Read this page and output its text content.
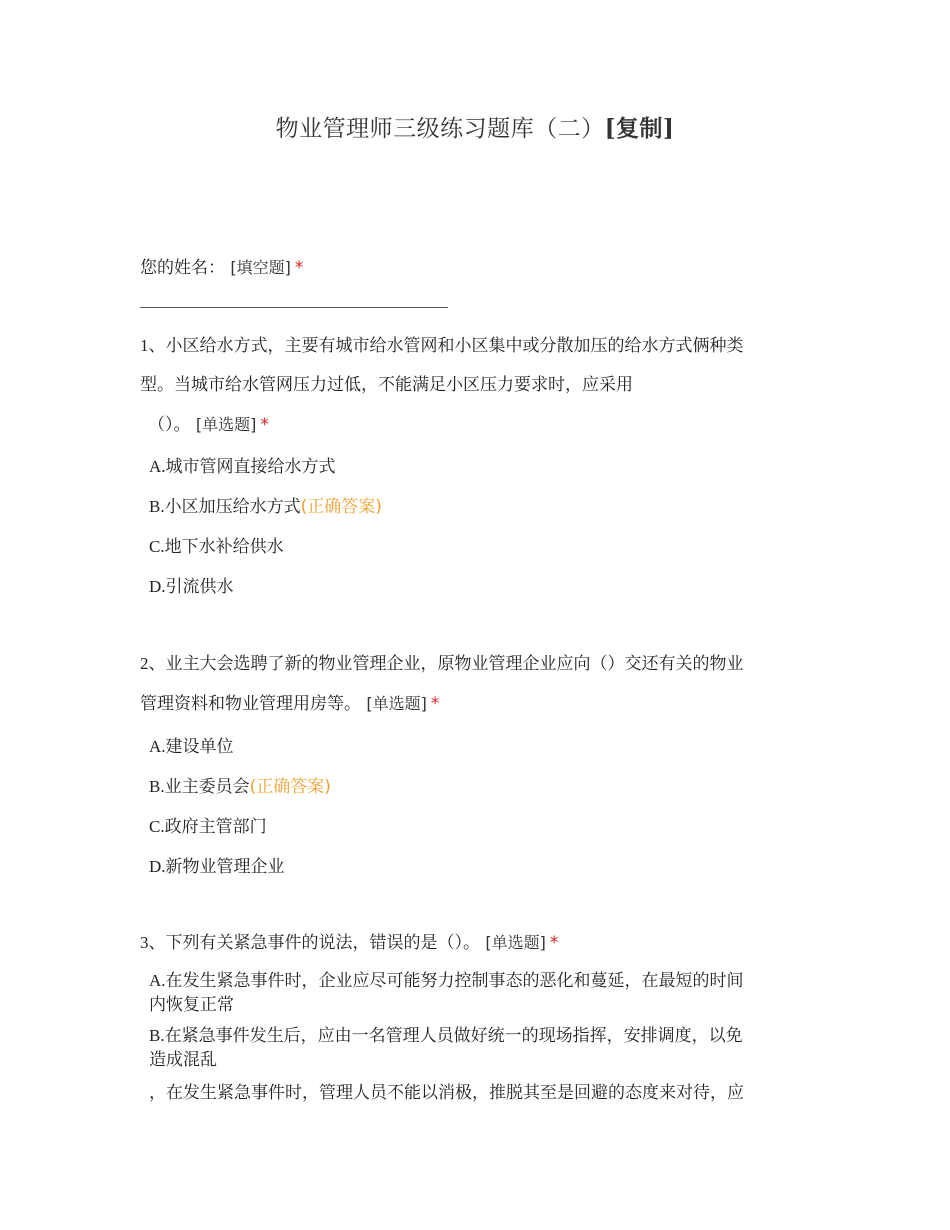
物业管理师三级练习题库（二）[复制]
您的姓名： [填空题] *
1、小区给水方式，主要有城市给水管网和小区集中或分散加压的给水方式俩种类
型。当城市给水管网压力过低，不能满足小区压力要求时，应采用

（）。 [单选题] *
A.城市管网直接给水方式
B.小区加压给水方式(正确答案)
C.地下水补给供水
D.引流供水
2、业主大会选聘了新的物业管理企业，原物业管理企业应向（）交还有关的物业
管理资料和物业管理用房等。 [单选题] *
A.建设单位
B.业主委员会(正确答案)
C.政府主管部门
D.新物业管理企业
3、下列有关紧急事件的说法，错误的是（）。 [单选题] *
A.在发生紧急事件时，企业应尽可能努力控制事态的恶化和蔓延，在最短的时间
内恢复正常
B.在紧急事件发生后，应由一名管理人员做好统一的现场指挥，安排调度，以免
造成混乱
，在发生紧急事件时，管理人员不能以消极，推脱其至是回避的态度来对待，应
